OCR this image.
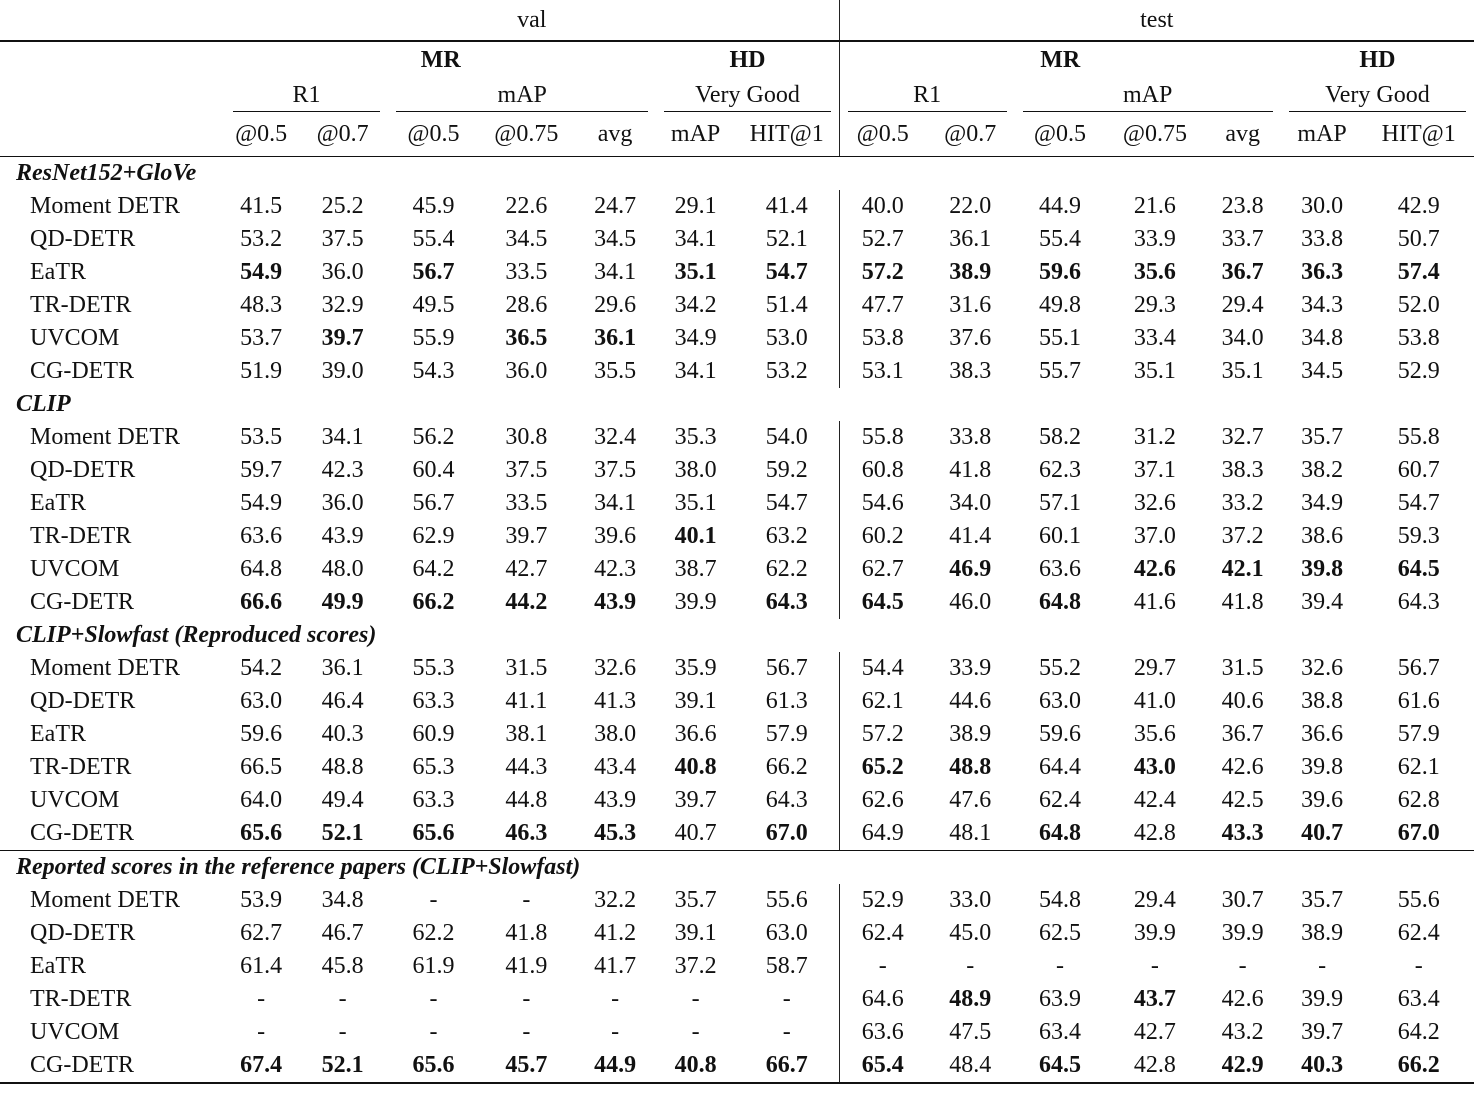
	val							test						
	MR					HD		MR					HD	
	R1		mAP			Very Good		R1		mAP			Very Good	
	@0.5	@0.7	@0.5	@0.75	avg	mAP	HIT@1	@0.5	@0.7	@0.5	@0.75	avg	mAP	HIT@1
ResNet152+GloVe														
Moment DETR	41.5	25.2	45.9	22.6	24.7	29.1	41.4	40.0	22.0	44.9	21.6	23.8	30.0	42.9
QD-DETR	53.2	37.5	55.4	34.5	34.5	34.1	52.1	52.7	36.1	55.4	33.9	33.7	33.8	50.7
EaTR	54.9	36.0	56.7	33.5	34.1	35.1	54.7	57.2	38.9	59.6	35.6	36.7	36.3	57.4
TR-DETR	48.3	32.9	49.5	28.6	29.6	34.2	51.4	47.7	31.6	49.8	29.3	29.4	34.3	52.0
UVCOM	53.7	39.7	55.9	36.5	36.1	34.9	53.0	53.8	37.6	55.1	33.4	34.0	34.8	53.8
CG-DETR	51.9	39.0	54.3	36.0	35.5	34.1	53.2	53.1	38.3	55.7	35.1	35.1	34.5	52.9
CLIP														
Moment DETR	53.5	34.1	56.2	30.8	32.4	35.3	54.0	55.8	33.8	58.2	31.2	32.7	35.7	55.8
QD-DETR	59.7	42.3	60.4	37.5	37.5	38.0	59.2	60.8	41.8	62.3	37.1	38.3	38.2	60.7
EaTR	54.9	36.0	56.7	33.5	34.1	35.1	54.7	54.6	34.0	57.1	32.6	33.2	34.9	54.7
TR-DETR	63.6	43.9	62.9	39.7	39.6	40.1	63.2	60.2	41.4	60.1	37.0	37.2	38.6	59.3
UVCOM	64.8	48.0	64.2	42.7	42.3	38.7	62.2	62.7	46.9	63.6	42.6	42.1	39.8	64.5
CG-DETR	66.6	49.9	66.2	44.2	43.9	39.9	64.3	64.5	46.0	64.8	41.6	41.8	39.4	64.3
CLIP+Slowfast (Reproduced scores)														
Moment DETR	54.2	36.1	55.3	31.5	32.6	35.9	56.7	54.4	33.9	55.2	29.7	31.5	32.6	56.7
QD-DETR	63.0	46.4	63.3	41.1	41.3	39.1	61.3	62.1	44.6	63.0	41.0	40.6	38.8	61.6
EaTR	59.6	40.3	60.9	38.1	38.0	36.6	57.9	57.2	38.9	59.6	35.6	36.7	36.6	57.9
TR-DETR	66.5	48.8	65.3	44.3	43.4	40.8	66.2	65.2	48.8	64.4	43.0	42.6	39.8	62.1
UVCOM	64.0	49.4	63.3	44.8	43.9	39.7	64.3	62.6	47.6	62.4	42.4	42.5	39.6	62.8
CG-DETR	65.6	52.1	65.6	46.3	45.3	40.7	67.0	64.9	48.1	64.8	42.8	43.3	40.7	67.0
Reported scores in the reference papers (CLIP+Slowfast)														
Moment DETR	53.9	34.8	-	-	32.2	35.7	55.6	52.9	33.0	54.8	29.4	30.7	35.7	55.6
QD-DETR	62.7	46.7	62.2	41.8	41.2	39.1	63.0	62.4	45.0	62.5	39.9	39.9	38.9	62.4
EaTR	61.4	45.8	61.9	41.9	41.7	37.2	58.7	-	-	-	-	-	-	-
TR-DETR	-	-	-	-	-	-	-	64.6	48.9	63.9	43.7	42.6	39.9	63.4
UVCOM	-	-	-	-	-	-	-	63.6	47.5	63.4	42.7	43.2	39.7	64.2
CG-DETR	67.4	52.1	65.6	45.7	44.9	40.8	66.7	65.4	48.4	64.5	42.8	42.9	40.3	66.2
